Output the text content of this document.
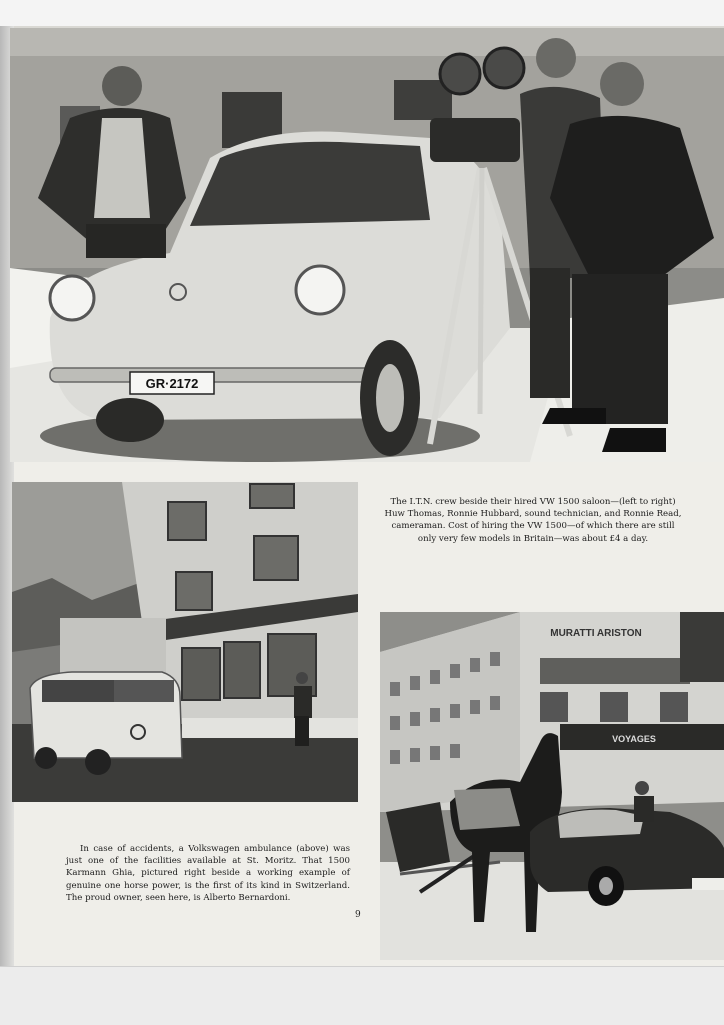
GR·2172

The I.T.N. crew beside their hired VW 1500 saloon—(left to right) Huw Thomas, Ronnie Hubbard, sound technician, and Ronnie Read, cameraman. Cost of hiring the VW 1500—of which there are still only very few models in Britain—was about £4 a day.

MURATTI ARISTON
VOYAGES

In case of accidents, a Volkswagen ambulance (above) was just one of the facilities available at St. Moritz. That 1500 Karmann Ghia, pictured right beside a working example of genuine one horse power, is the first of its kind in Switzerland. The proud owner, seen here, is Alberto Bernardoni.

9
